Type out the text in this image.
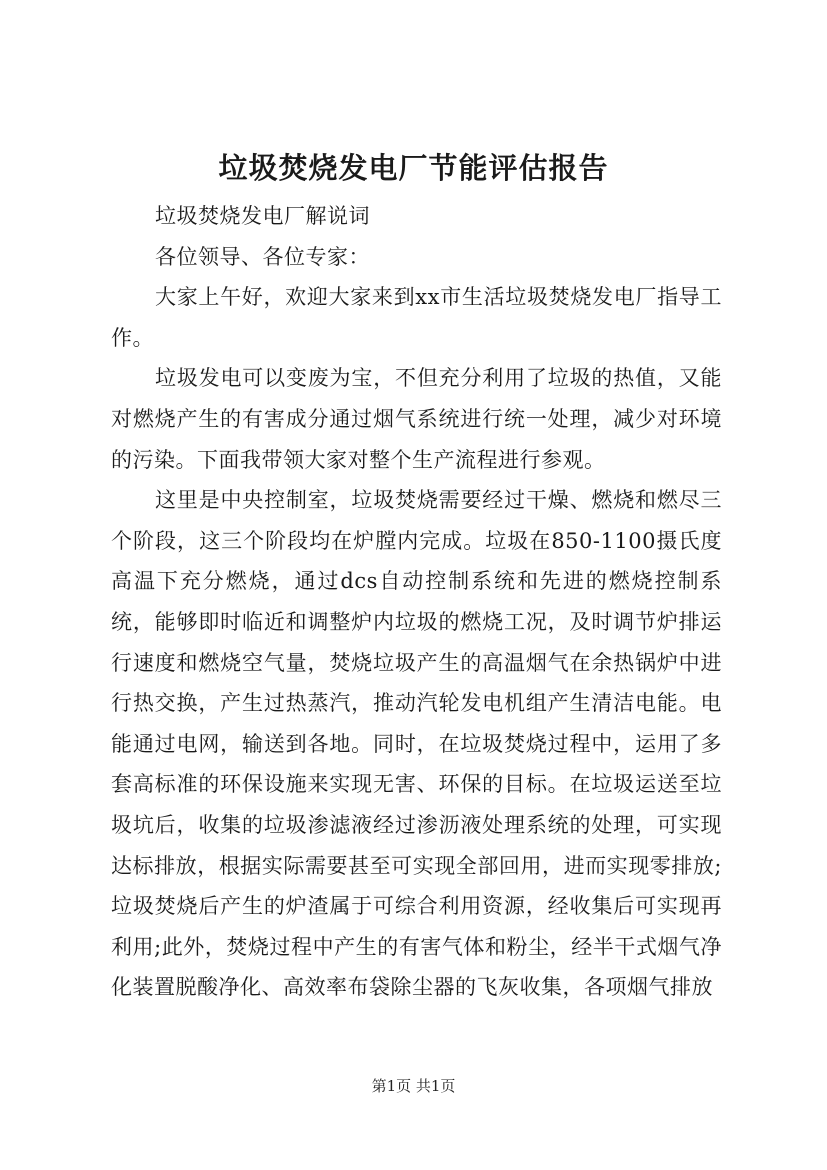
垃圾焚烧发电厂节能评估报告

垃圾焚烧发电厂解说词

各位领导、各位专家：

大家上午好，欢迎大家来到xx市生活垃圾焚烧发电厂指导工作。

垃圾发电可以变废为宝，不但充分利用了垃圾的热值，又能对燃烧产生的有害成分通过烟气系统进行统一处理，减少对环境的污染。下面我带领大家对整个生产流程进行参观。

这里是中央控制室，垃圾焚烧需要经过干燥、燃烧和燃尽三个阶段，这三个阶段均在炉膛内完成。垃圾在850-1100摄氏度高温下充分燃烧，通过dcs自动控制系统和先进的燃烧控制系统，能够即时临近和调整炉内垃圾的燃烧工况，及时调节炉排运行速度和燃烧空气量，焚烧垃圾产生的高温烟气在余热锅炉中进行热交换，产生过热蒸汽，推动汽轮发电机组产生清洁电能。电能通过电网，输送到各地。同时，在垃圾焚烧过程中，运用了多套高标准的环保设施来实现无害、环保的目标。在垃圾运送至垃圾坑后，收集的垃圾渗滤液经过渗沥液处理系统的处理，可实现达标排放，根据实际需要甚至可实现全部回用，进而实现零排放;垃圾焚烧后产生的炉渣属于可综合利用资源，经收集后可实现再利用;此外，焚烧过程中产生的有害气体和粉尘，经半干式烟气净化装置脱酸净化、高效率布袋除尘器的飞灰收集，各项烟气排放

第1页 共1页
